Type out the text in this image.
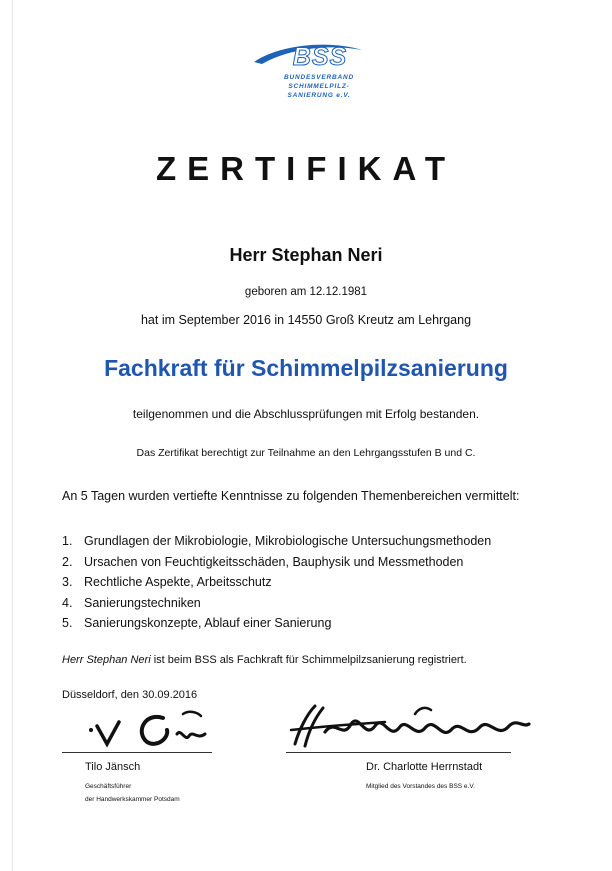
BSS
BUNDESVERBAND
SCHIMMELPILZ-
SANIERUNG e.V.
ZERTIFIKAT
Herr Stephan Neri
geboren am 12.12.1981
hat im September 2016 in 14550 Groß Kreutz am Lehrgang
Fachkraft für Schimmelpilzsanierung
teilgenommen und die Abschlussprüfungen mit Erfolg bestanden.
Das Zertifikat berechtigt zur Teilnahme an den Lehrgangsstufen B und C.
An 5 Tagen wurden vertiefte Kenntnisse zu folgenden Themenbereichen vermittelt:
1. Grundlagen der Mikrobiologie, Mikrobiologische Untersuchungsmethoden
2. Ursachen von Feuchtigkeitsschäden, Bauphysik und Messmethoden
3. Rechtliche Aspekte, Arbeitsschutz
4. Sanierungstechniken
5. Sanierungskonzepte, Ablauf einer Sanierung
Herr Stephan Neri ist beim BSS als Fachkraft für Schimmelpilzsanierung registriert.
Düsseldorf, den 30.09.2016
Tilo Jänsch
Geschäftsführer
der Handwerkskammer Potsdam
Dr. Charlotte Herrnstadt
Mitglied des Vorstandes des BSS e.V.
